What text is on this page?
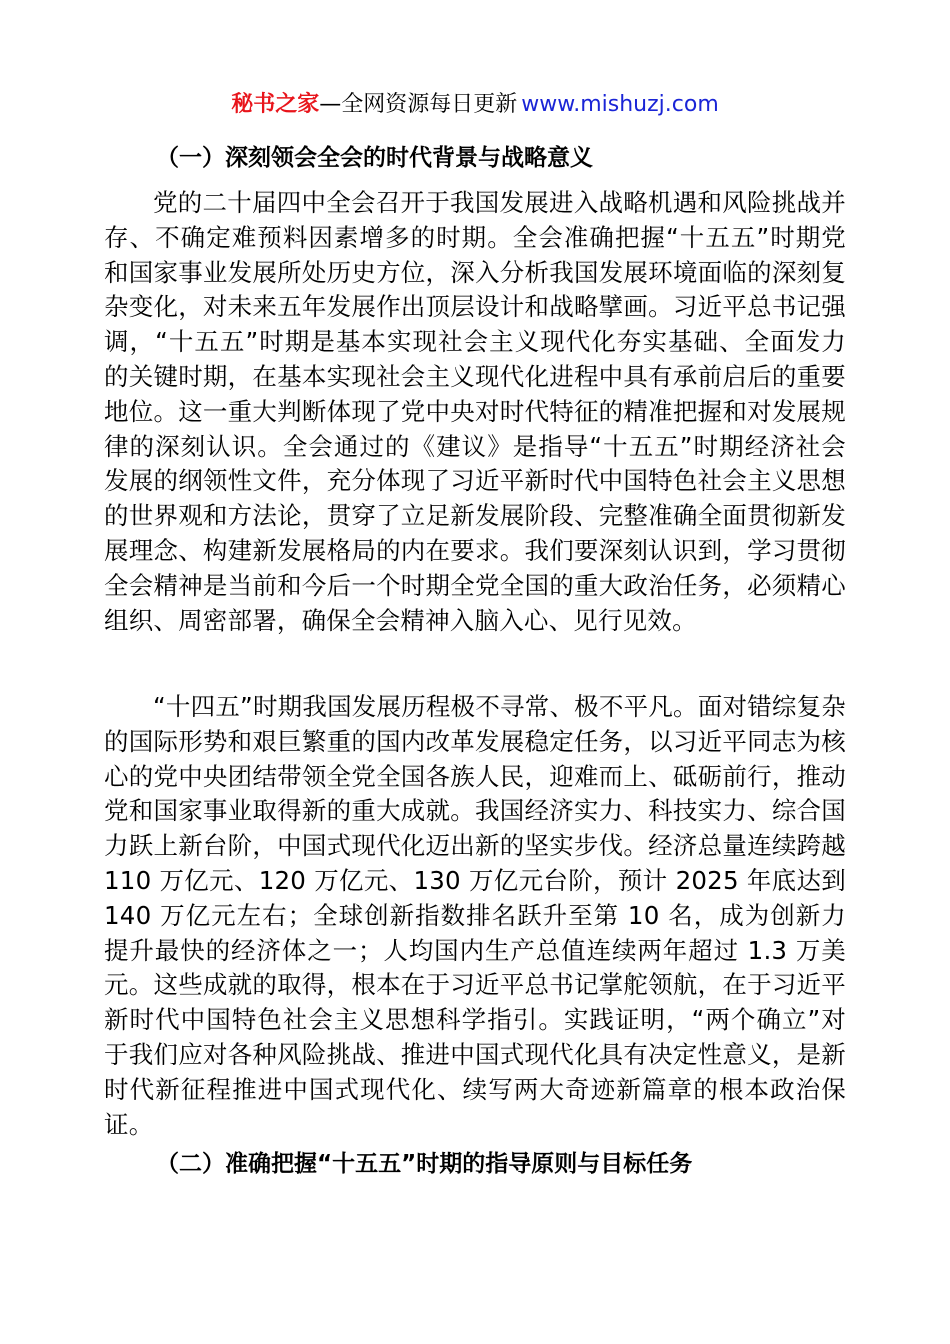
秘书之家—全网资源每日更新 www.mishuzj.com
（一）深刻领会全会的时代背景与战略意义

党的二十届四中全会召开于我国发展进入战略机遇和风险挑战并存、不确定难预料因素增多的时期。全会准确把握“十五五”时期党和国家事业发展所处历史方位，深入分析我国发展环境面临的深刻复杂变化，对未来五年发展作出顶层设计和战略擘画。习近平总书记强调，“十五五”时期是基本实现社会主义现代化夯实基础、全面发力的关键时期，在基本实现社会主义现代化进程中具有承前启后的重要地位。这一重大判断体现了党中央对时代特征的精准把握和对发展规律的深刻认识。全会通过的《建议》是指导“十五五”时期经济社会发展的纲领性文件，充分体现了习近平新时代中国特色社会主义思想的世界观和方法论，贯穿了立足新发展阶段、完整准确全面贯彻新发展理念、构建新发展格局的内在要求。我们要深刻认识到，学习贯彻全会精神是当前和今后一个时期全党全国的重大政治任务，必须精心组织、周密部署，确保全会精神入脑入心、见行见效。

“十四五”时期我国发展历程极不寻常、极不平凡。面对错综复杂的国际形势和艰巨繁重的国内改革发展稳定任务，以习近平同志为核心的党中央团结带领全党全国各族人民，迎难而上、砥砺前行，推动党和国家事业取得新的重大成就。我国经济实力、科技实力、综合国力跃上新台阶，中国式现代化迈出新的坚实步伐。经济总量连续跨越 110 万亿元、120 万亿元、130 万亿元台阶，预计 2025 年底达到 140 万亿元左右；全球创新指数排名跃升至第 10 名，成为创新力提升最快的经济体之一；人均国内生产总值连续两年超过 1.3 万美元。这些成就的取得，根本在于习近平总书记掌舵领航，在于习近平新时代中国特色社会主义思想科学指引。实践证明，“两个确立”对于我们应对各种风险挑战、推进中国式现代化具有决定性意义，是新时代新征程推进中国式现代化、续写两大奇迹新篇章的根本政治保证。

（二）准确把握“十五五”时期的指导原则与目标任务
